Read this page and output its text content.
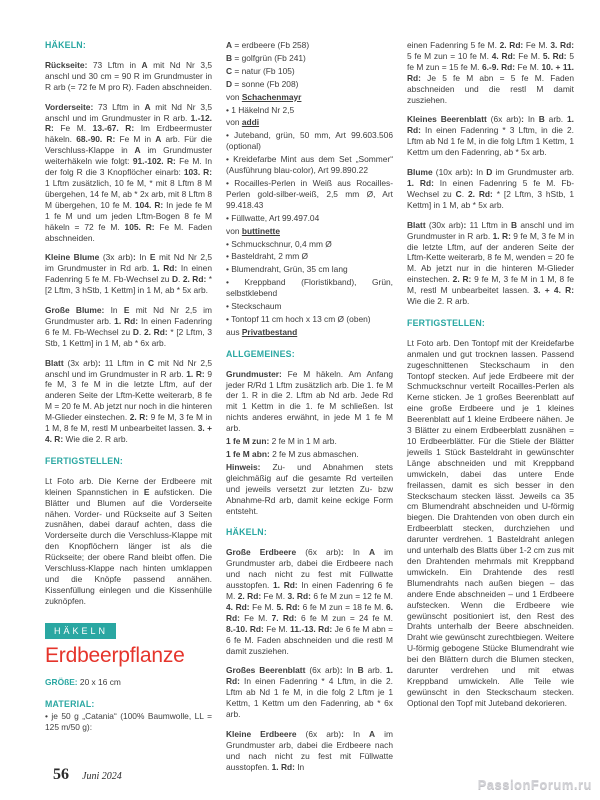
HÄKELN:

Rückseite: 73 Lftm in A mit Nd Nr 3,5 anschl und 30 cm = 90 R im Grundmuster in R arb (= 72 fe M pro R). Faden abschneiden.

Vorderseite: 73 Lftm in A mit Nd Nr 3,5 anschl und im Grundmuster in R arb. 1.-12. R: Fe M. 13.-67. R: Im Erdbeermuster häkeln. 68.-90. R: Fe M in A arb. Für die Verschluss-Klappe in A im Grundmuster weiterhäkeln wie folgt: 91.-102. R: Fe M. In der folg R die 3 Knopflöcher einarb: 103. R: 1 Lftm zusätzlich, 10 fe M, * mit 8 Lftm 8 M übergehen, 14 fe M, ab * 2x arb, mit 8 Lftm 8 M übergehen, 10 fe M. 104. R: In jede fe M 1 fe M und um jeden Lftm-Bogen 8 fe M häkeln = 72 fe M. 105. R: Fe M. Faden abschneiden.

Kleine Blume (3x arb): In E mit Nd Nr 2,5 im Grundmuster in Rd arb. 1. Rd: In einen Fadenring 5 fe M. Fb-Wechsel zu D. 2. Rd: * [2 Lftm, 3 hStb, 1 Kettm] in 1 M, ab * 5x arb.

Große Blume: In E mit Nd Nr 2,5 im Grundmuster arb. 1. Rd: In einen Fadenring 6 fe M. Fb-Wechsel zu D. 2. Rd: * [2 Lftm, 3 Stb, 1 Kettm] in 1 M, ab * 6x arb.

Blatt (3x arb): 11 Lftm in C mit Nd Nr 2,5 anschl und im Grundmuster in R arb. 1. R: 9 fe M, 3 fe M in die letzte Lftm, auf der anderen Seite der Lftm-Kette weiterarb, 8 fe M = 20 fe M. Ab jetzt nur noch in die hinteren M-Glieder einstechen. 2. R: 9 fe M, 3 fe M in 1 M, 8 fe M, restl M unbearbeitet lassen. 3. + 4. R: Wie die 2. R arb.

FERTIGSTELLEN:

Lt Foto arb. Die Kerne der Erdbeere mit kleinen Spannstichen in E aufsticken. Die Blätter und Blumen auf die Vorderseite nähen. Vorder- und Rückseite auf 3 Seiten zusnähen, dabei darauf achten, dass die Vorderseite durch die Verschluss-Klappe mit den Knopflöchern länger ist als die Rückseite; der obere Rand bleibt offen. Die Verschluss-Klappe nach hinten umklappen und die Knöpfe passend annähen. Kissenfüllung einlegen und die Kissenhülle zuknöpfen.

HÄKELN
Erdbeerpflanze

GRÖßE: 20 x 16 cm

MATERIAL:

• je 50 g „Catania“ (100% Baumwolle, LL = 125 m/50 g):

A = erdbeere (Fb 258)

B = golfgrün (Fb 241)

C = natur (Fb 105)

D = sonne (Fb 208)

von Schachenmayr

• 1 Häkelnd Nr 2,5

von addi

• Juteband, grün, 50 mm, Art 99.603.506 (optional)

• Kreidefarbe Mint aus dem Set „Sommer“ (Ausführung blau-color), Art 99.890.22

• Rocailles-Perlen in Weiß aus Rocailles-Perlen gold-silber-weiß, 2,5 mm Ø, Art 99.418.43

• Füllwatte, Art 99.497.04

von buttinette

• Schmuckschnur, 0,4 mm Ø

• Basteldraht, 2 mm Ø

• Blumendraht, Grün, 35 cm lang

• Kreppband (Floristikband), Grün, selbstklebend

• Steckschaum

• Tontopf 11 cm hoch x 13 cm Ø (oben)

aus Privatbestand

ALLGEMEINES:

Grundmuster: Fe M häkeln. Am Anfang jeder R/Rd 1 Lftm zusätzlich arb. Die 1. fe M der 1. R in die 2. Lftm ab Nd arb. Jede Rd mit 1 Kettm in die 1. fe M schließen. Ist nichts anderes erwähnt, in jede M 1 fe M arb.

1 fe M zun: 2 fe M in 1 M arb.

1 fe M abn: 2 fe M zus abmaschen.

Hinweis: Zu- und Abnahmen stets gleichmäßig auf die gesamte Rd verteilen und jeweils versetzt zur letzten Zu- bzw Abnahme-Rd arb, damit keine eckige Form entsteht.

HÄKELN:

Große Erdbeere (6x arb): In A im Grundmuster arb, dabei die Erdbeere nach und nach nicht zu fest mit Füllwatte ausstopfen. 1. Rd: In einen Fadenring 6 fe M. 2. Rd: Fe M. 3. Rd: 6 fe M zun = 12 fe M. 4. Rd: Fe M. 5. Rd: 6 fe M zun = 18 fe M. 6. Rd: Fe M. 7. Rd: 6 fe M zun = 24 fe M. 8.-10. Rd: Fe M. 11.-13. Rd: Je 6 fe M abn = 6 fe M. Faden abschneiden und die restl M damit zusziehen.

Großes Beerenblatt (6x arb): In B arb. 1. Rd: In einen Fadenring * 4 Lftm, in die 2. Lftm ab Nd 1 fe M, in die folg 2 Lftm je 1 Kettm, 1 Kettm um den Fadenring, ab * 6x arb.

Kleine Erdbeere (6x arb): In A im Grundmuster arb, dabei die Erdbeere nach und nach nicht zu fest mit Füllwatte ausstopfen. 1. Rd: In

einen Fadenring 5 fe M. 2. Rd: Fe M. 3. Rd: 5 fe M zun = 10 fe M. 4. Rd: Fe M. 5. Rd: 5 fe M zun = 15 fe M. 6.-9. Rd: Fe M. 10. + 11. Rd: Je 5 fe M abn = 5 fe M. Faden abschneiden und die restl M damit zusziehen.

Kleines Beerenblatt (6x arb): In B arb. 1. Rd: In einen Fadenring * 3 Lftm, in die 2. Lftm ab Nd 1 fe M, in die folg Lftm 1 Kettm, 1 Kettm um den Fadenring, ab * 5x arb.

Blume (10x arb): In D im Grundmuster arb. 1. Rd: In einen Fadenring 5 fe M. Fb-Wechsel zu C. 2. Rd: * [2 Lftm, 3 hStb, 1 Kettm] in 1 M, ab * 5x arb.

Blatt (30x arb): 11 Lftm in B anschl und im Grundmuster in R arb. 1. R: 9 fe M, 3 fe M in die letzte Lftm, auf der anderen Seite der Lftm-Kette weiterarb, 8 fe M, wenden = 20 fe M. Ab jetzt nur in die hinteren M-Glieder einstechen. 2. R: 9 fe M, 3 fe M in 1 M, 8 fe M, restl M unbearbeitet lassen. 3. + 4. R: Wie die 2. R arb.

FERTIGSTELLEN:

Lt Foto arb. Den Tontopf mit der Kreidefarbe anmalen und gut trocknen lassen. Passend zugeschnittenen Steckschaum in den Tontopf stecken. Auf jede Erdbeere mit der Schmuckschnur verteilt Rocailles-Perlen als Kerne sticken. Je 1 großes Beerenblatt auf eine große Erdbeere und je 1 kleines Beerenblatt auf 1 kleine Erdbeere nähen. Je 3 Blätter zu einem Erdbeerblatt zusnähen = 10 Erdbeerblätter. Für die Stiele der Blätter jeweils 1 Stück Basteldraht in gewünschter Länge abschneiden und mit Kreppband umwickeln, dabei das untere Ende freilassen, damit es sich besser in den Steckschaum stecken lässt. Jeweils ca 35 cm Blumendraht abschneiden und U-förmig biegen. Die Drahtenden von oben durch ein Erdbeerblatt stecken, durchziehen und darunter verdrehen. 1 Basteldraht anlegen und unterhalb des Blatts über 1-2 cm zus mit den Drahtenden mehrmals mit Kreppband umwickeln. Ein Drahtende des restl Blumendrahts nach außen biegen – das andere Ende abschneiden – und 1 Erdbeere aufstecken. Wenn die Erdbeere wie gewünscht positioniert ist, den Rest des Drahts unterhalb der Beere abschneiden. Draht wie gewünscht zurechtbiegen. Weitere U-förmig gebogene Stücke Blumendraht wie bei den Blättern durch die Blumen stecken, darunter verdrehen und mit etwas Kreppband umwickeln. Alle Teile wie gewünscht in den Steckschaum stecken. Optional den Topf mit Juteband dekorieren.

56 Juni 2024
PassionForum.ru
